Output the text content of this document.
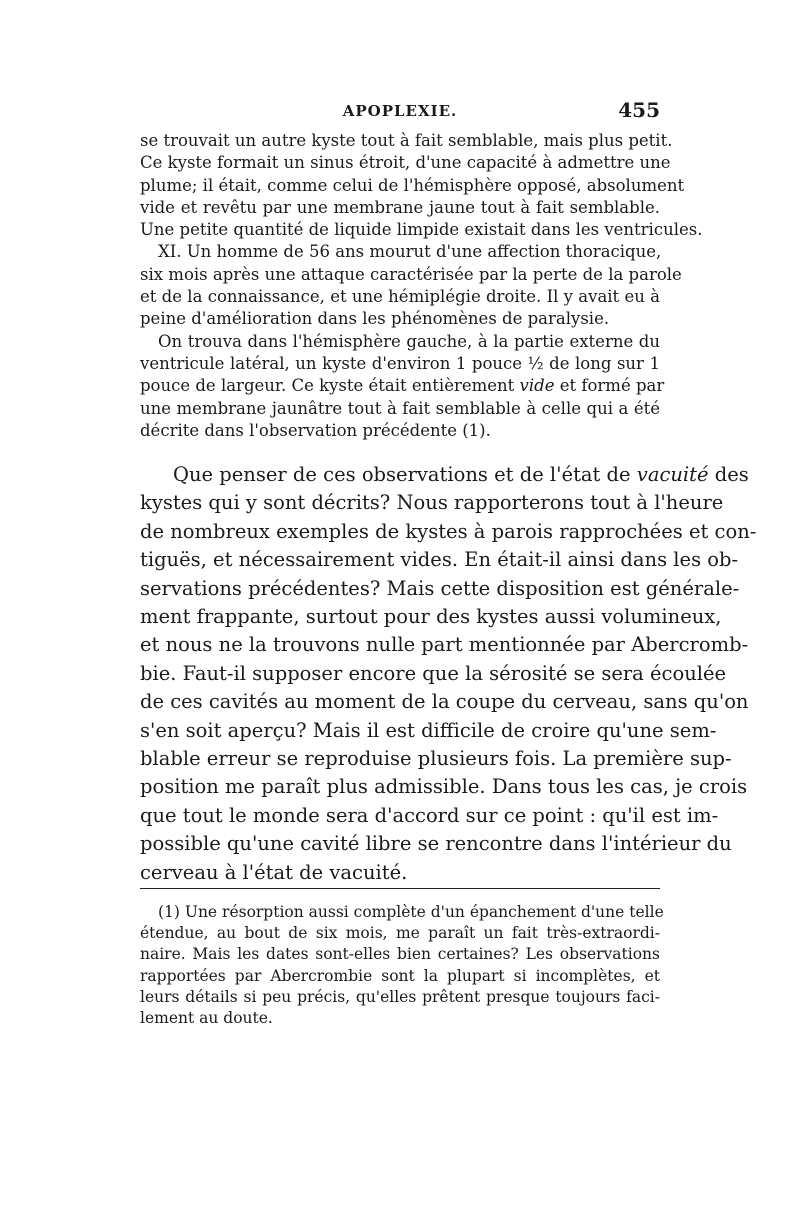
APOPLEXIE.	455
se trouvait un autre kyste tout à fait semblable, mais plus petit.
Ce kyste formait un sinus étroit, d'une capacité à admettre une
plume; il était, comme celui de l'hémisphère opposé, absolument
vide et revêtu par une membrane jaune tout à fait semblable.
Une petite quantité de liquide limpide existait dans les ventricules.
XI. Un homme de 56 ans mourut d'une affection thoracique,
six mois après une attaque caractérisée par la perte de la parole
et de la connaissance, et une hémiplégie droite. Il y avait eu à
peine d'amélioration dans les phénomènes de paralysie.
On trouva dans l'hémisphère gauche, à la partie externe du
ventricule latéral, un kyste d'environ 1 pouce ½ de long sur 1
pouce de largeur. Ce kyste était entièrement vide et formé par
une membrane jaunâtre tout à fait semblable à celle qui a été
décrite dans l'observation précédente (1).
Que penser de ces observations et de l'état de vacuité des
kystes qui y sont décrits? Nous rapporterons tout à l'heure
de nombreux exemples de kystes à parois rapprochées et con-
tiguës, et nécessairement vides. En était-il ainsi dans les ob-
servations précédentes? Mais cette disposition est générale-
ment frappante, surtout pour des kystes aussi volumineux,
et nous ne la trouvons nulle part mentionnée par Abercromb-
bie. Faut-il supposer encore que la sérosité se sera écoulée
de ces cavités au moment de la coupe du cerveau, sans qu'on
s'en soit aperçu? Mais il est difficile de croire qu'une sem-
blable erreur se reproduise plusieurs fois. La première sup-
position me paraît plus admissible. Dans tous les cas, je crois
que tout le monde sera d'accord sur ce point : qu'il est im-
possible qu'une cavité libre se rencontre dans l'intérieur du
cerveau à l'état de vacuité.
(1) Une résorption aussi complète d'un épanchement d'une telle
étendue, au bout de six mois, me paraît un fait très-extraordi-
naire. Mais les dates sont-elles bien certaines? Les observations
rapportées par Abercrombie sont la plupart si incomplètes, et
leurs détails si peu précis, qu'elles prêtent presque toujours faci-
lement au doute.
